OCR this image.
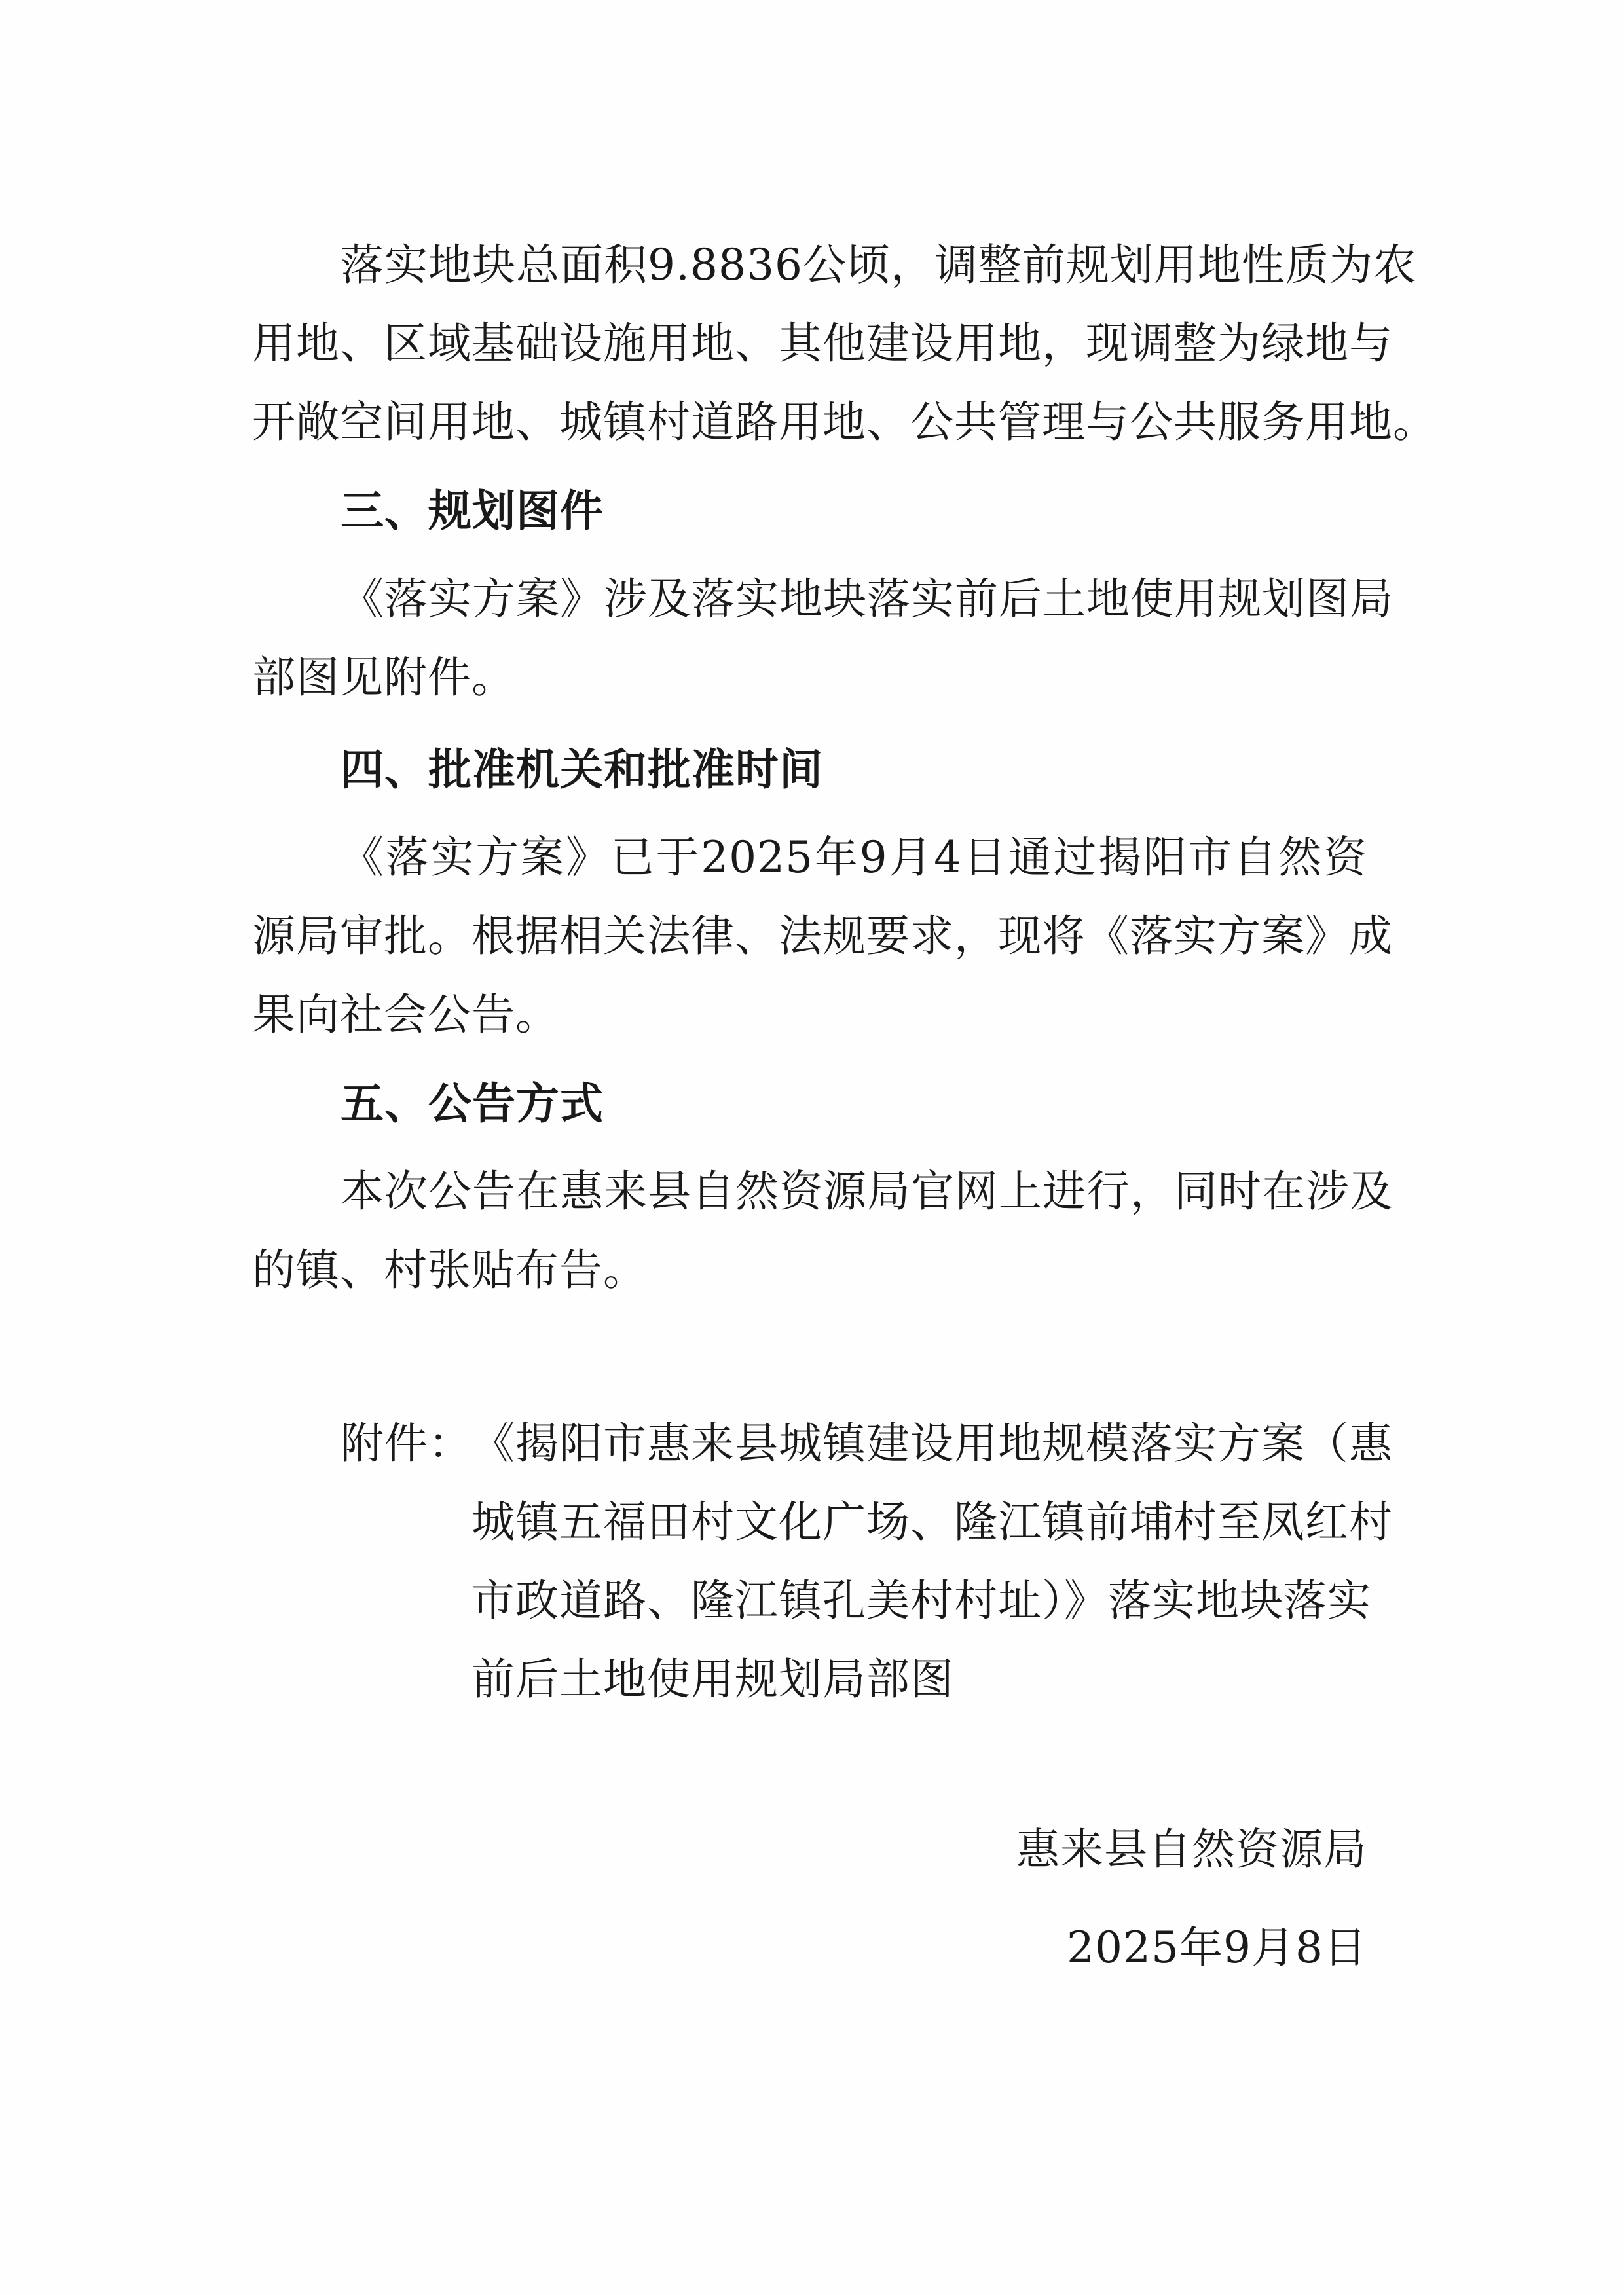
落实地块总面积9.8836公顷，调整前规划用地性质为农
用地、区域基础设施用地、其他建设用地，现调整为绿地与
开敞空间用地、城镇村道路用地、公共管理与公共服务用地。
三、规划图件
《落实方案》涉及落实地块落实前后土地使用规划图局
部图见附件。
四、批准机关和批准时间
《落实方案》已于2025年9月4日通过揭阳市自然资
源局审批。根据相关法律、法规要求，现将《落实方案》成
果向社会公告。
五、公告方式
本次公告在惠来县自然资源局官网上进行，同时在涉及
的镇、村张贴布告。
附件： 《揭阳市惠来县城镇建设用地规模落实方案（惠
城镇五福田村文化广场、隆江镇前埔村至凤红村
市政道路、隆江镇孔美村村址）》落实地块落实
前后土地使用规划局部图
惠来县自然资源局
2025年9月8日
